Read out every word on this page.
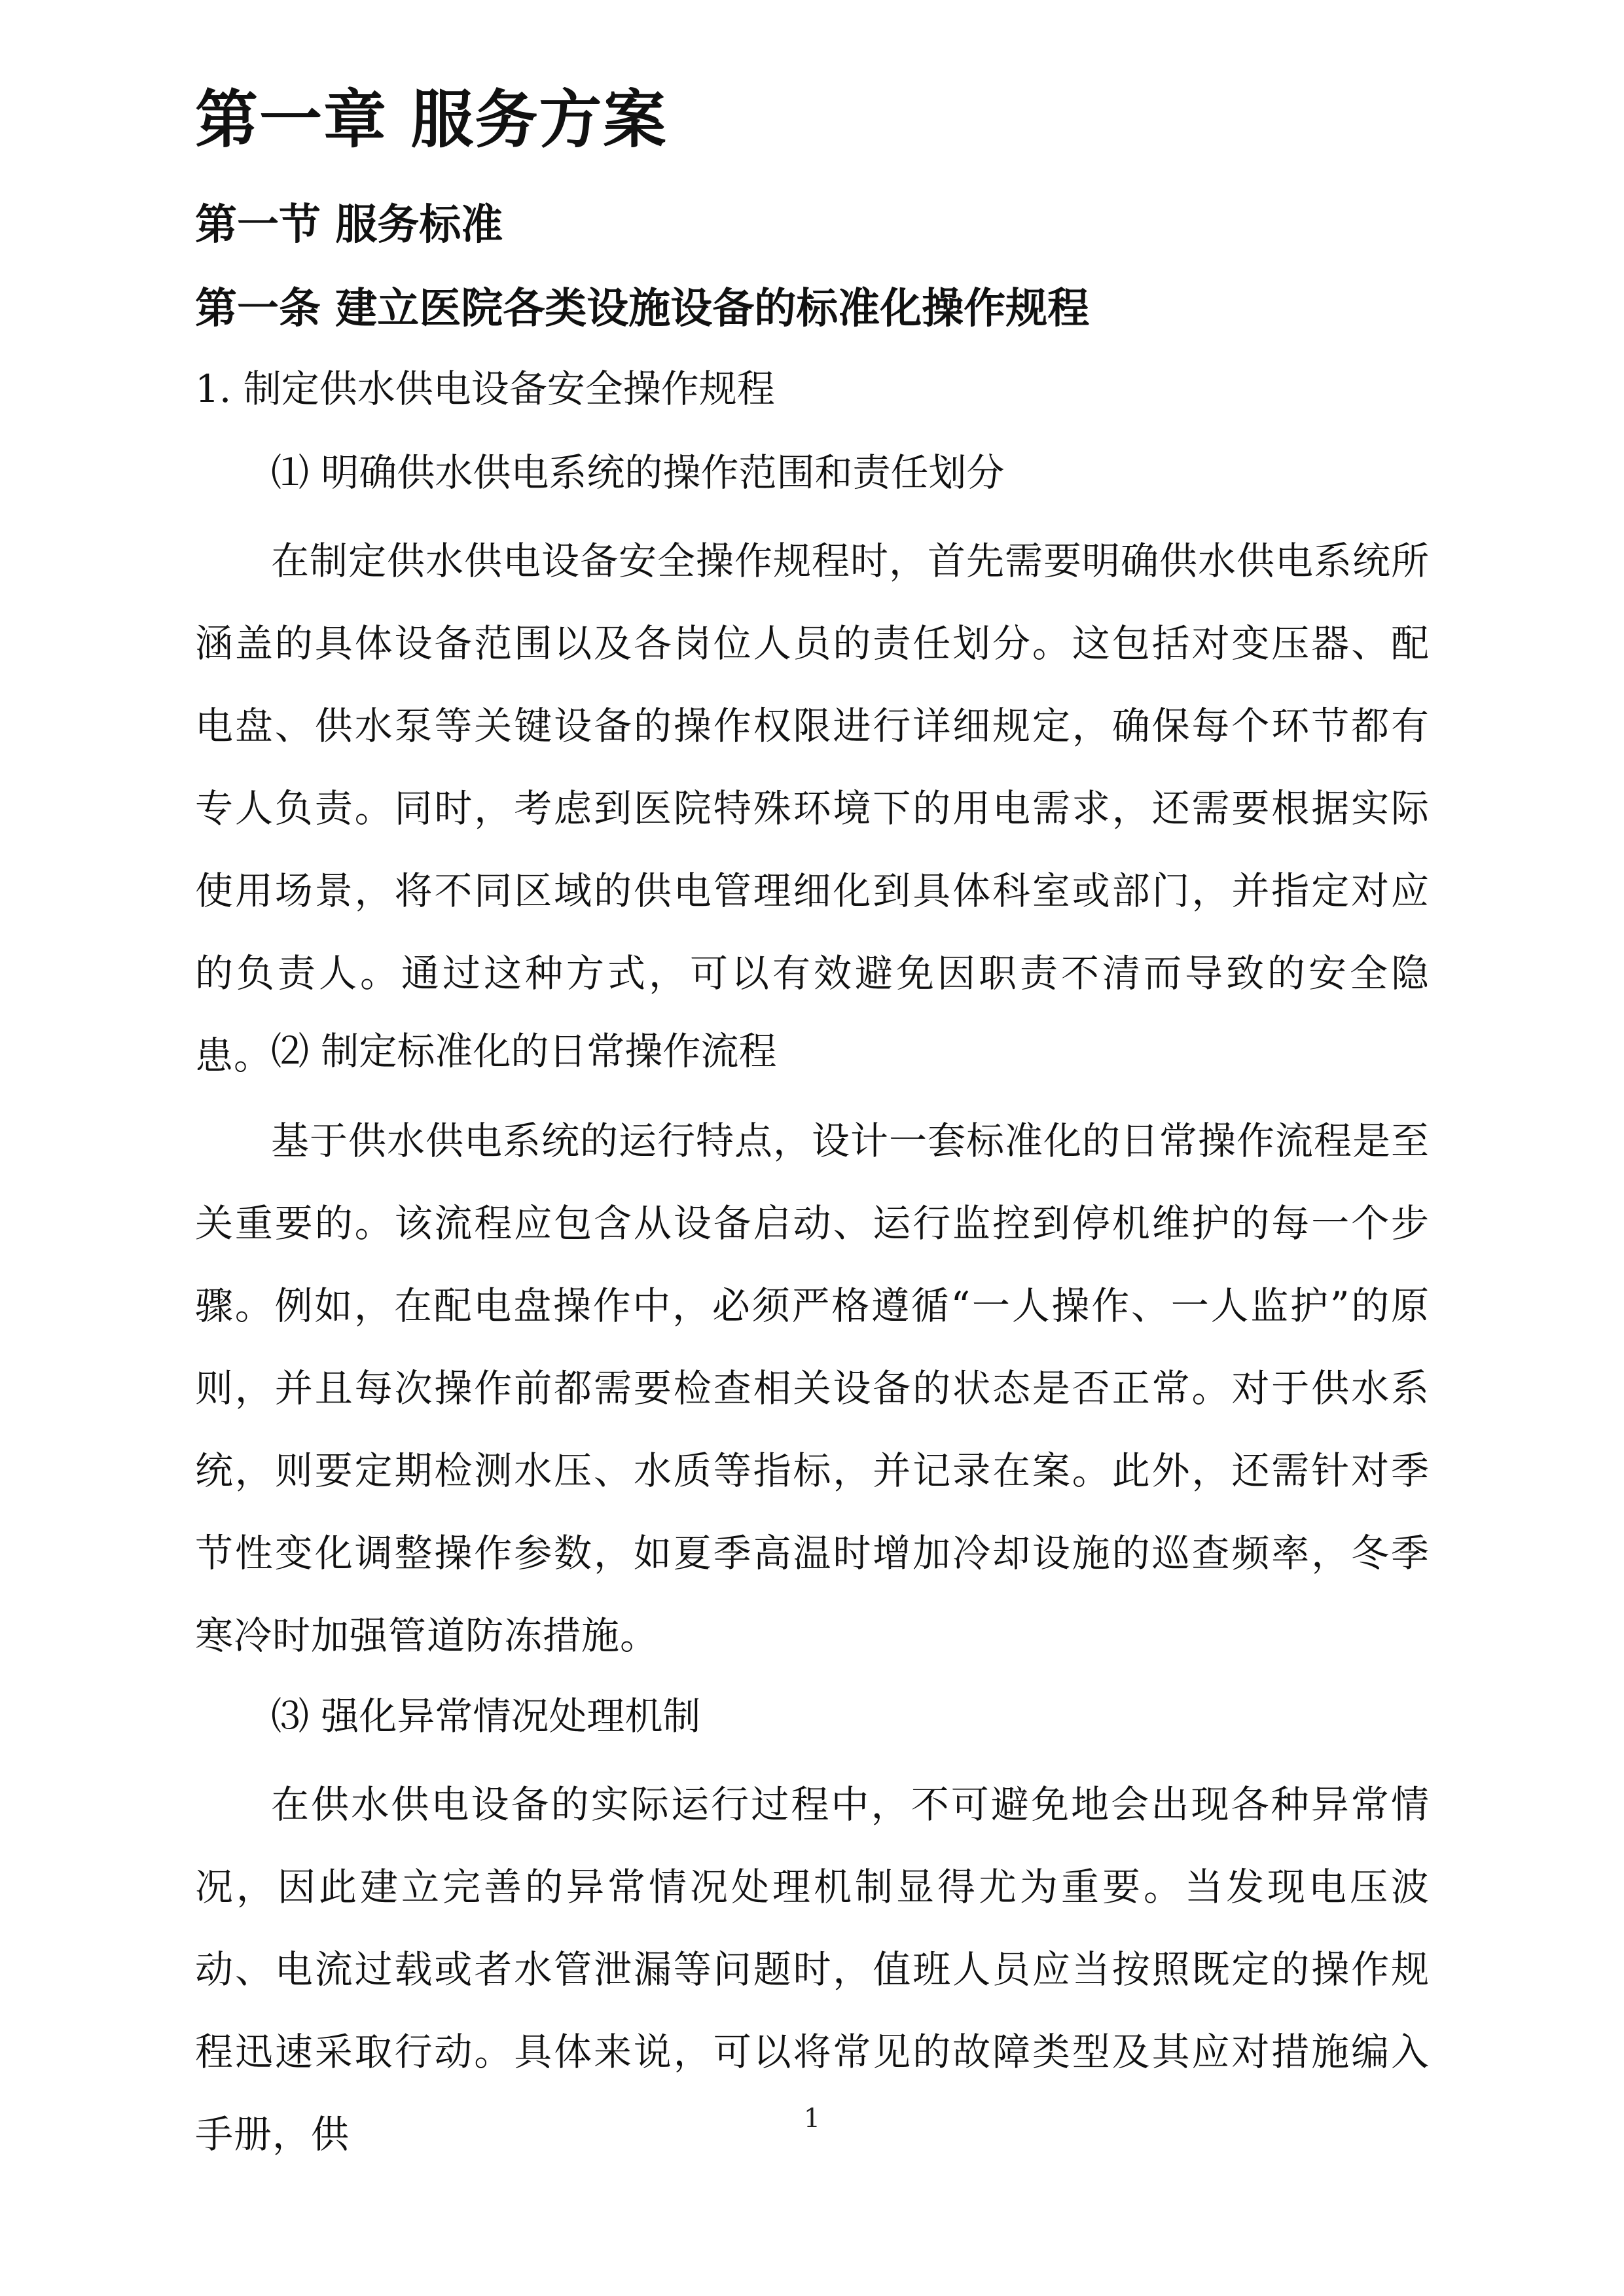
第一章 服务方案
第一节 服务标准
第一条 建立医院各类设施设备的标准化操作规程

1. 制定供水供电设备安全操作规程

⑴ 明确供水供电系统的操作范围和责任划分

在制定供水供电设备安全操作规程时，首先需要明确供水供电系统所涵盖的具体设备范围以及各岗位人员的责任划分。这包括对变压器、配电盘、供水泵等关键设备的操作权限进行详细规定，确保每个环节都有专人负责。同时，考虑到医院特殊环境下的用电需求，还需要根据实际使用场景，将不同区域的供电管理细化到具体科室或部门，并指定对应的负责人。通过这种方式，可以有效避免因职责不清而导致的安全隐患。

⑵ 制定标准化的日常操作流程

基于供水供电系统的运行特点，设计一套标准化的日常操作流程是至关重要的。该流程应包含从设备启动、运行监控到停机维护的每一个步骤。例如，在配电盘操作中，必须严格遵循“一人操作、一人监护”的原则，并且每次操作前都需要检查相关设备的状态是否正常。对于供水系统，则要定期检测水压、水质等指标，并记录在案。此外，还需针对季节性变化调整操作参数，如夏季高温时增加冷却设施的巡查频率，冬季寒冷时加强管道防冻措施。

⑶ 强化异常情况处理机制

在供水供电设备的实际运行过程中，不可避免地会出现各种异常情况，因此建立完善的异常情况处理机制显得尤为重要。当发现电压波动、电流过载或者水管泄漏等问题时，值班人员应当按照既定的操作规程迅速采取行动。具体来说，可以将常见的故障类型及其应对措施编入手册，供	1
